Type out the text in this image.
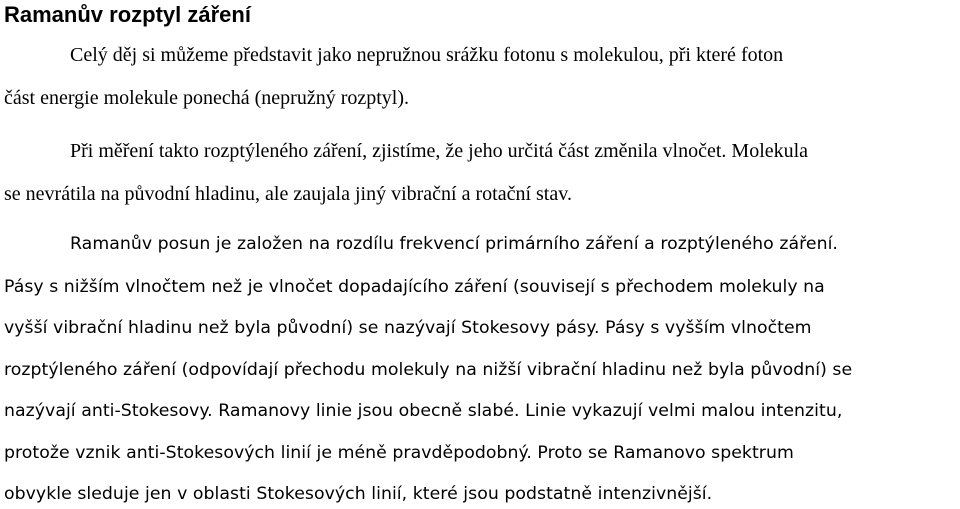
Ramanův rozptyl záření

Celý děj si můžeme představit jako nepružnou srážku fotonu s molekulou, při které foton

část energie molekule ponechá (nepružný rozptyl).

Při měření takto rozptýleného záření, zjistíme, že jeho určitá část změnila vlnočet. Molekula

se nevrátila na původní hladinu, ale zaujala jiný vibrační a rotační stav.

Ramanův posun je založen na rozdílu frekvencí primárního záření a rozptýleného záření.

Pásy s nižším vlnočtem než je vlnočet dopadajícího záření (souvisejí s přechodem molekuly na

vyšší vibrační hladinu než byla původní) se nazývají Stokesovy pásy. Pásy s vyšším vlnočtem

rozptýleného záření (odpovídají přechodu molekuly na nižší vibrační hladinu než byla původní) se

nazývají anti-Stokesovy. Ramanovy linie jsou obecně slabé. Linie vykazují velmi malou intenzitu,

protože vznik anti-Stokesových linií je méně pravděpodobný. Proto se Ramanovo spektrum

obvykle sleduje jen v oblasti Stokesových linií, které jsou podstatně intenzivnější.
